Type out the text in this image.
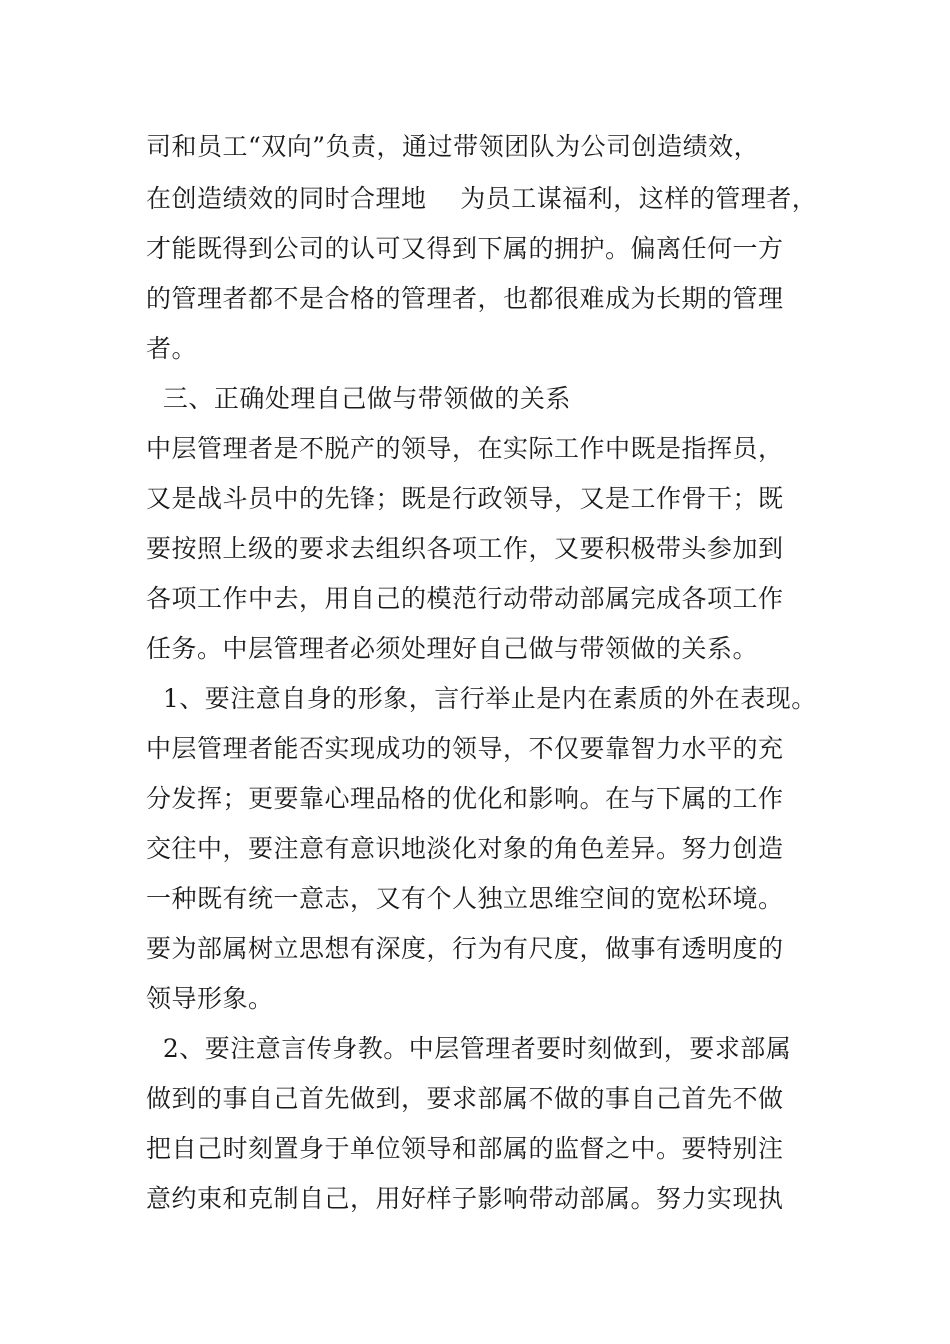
司和员工“双向”负责，通过带领团队为公司创造绩效，
在创造绩效的同时合理地    为员工谋福利，这样的管理者，
才能既得到公司的认可又得到下属的拥护。偏离任何一方
的管理者都不是合格的管理者，也都很难成为长期的管理
者。
三、正确处理自己做与带领做的关系
中层管理者是不脱产的领导，在实际工作中既是指挥员，
又是战斗员中的先锋；既是行政领导，又是工作骨干；既
要按照上级的要求去组织各项工作，又要积极带头参加到
各项工作中去，用自己的模范行动带动部属完成各项工作
任务。中层管理者必须处理好自己做与带领做的关系。
1、要注意自身的形象，言行举止是内在素质的外在表现。
中层管理者能否实现成功的领导，不仅要靠智力水平的充
分发挥；更要靠心理品格的优化和影响。在与下属的工作
交往中，要注意有意识地淡化对象的角色差异。努力创造
一种既有统一意志，又有个人独立思维空间的宽松环境。
要为部属树立思想有深度，行为有尺度，做事有透明度的
领导形象。
2、要注意言传身教。中层管理者要时刻做到，要求部属
做到的事自己首先做到，要求部属不做的事自己首先不做
把自己时刻置身于单位领导和部属的监督之中。要特别注
意约束和克制自己，用好样子影响带动部属。努力实现执
